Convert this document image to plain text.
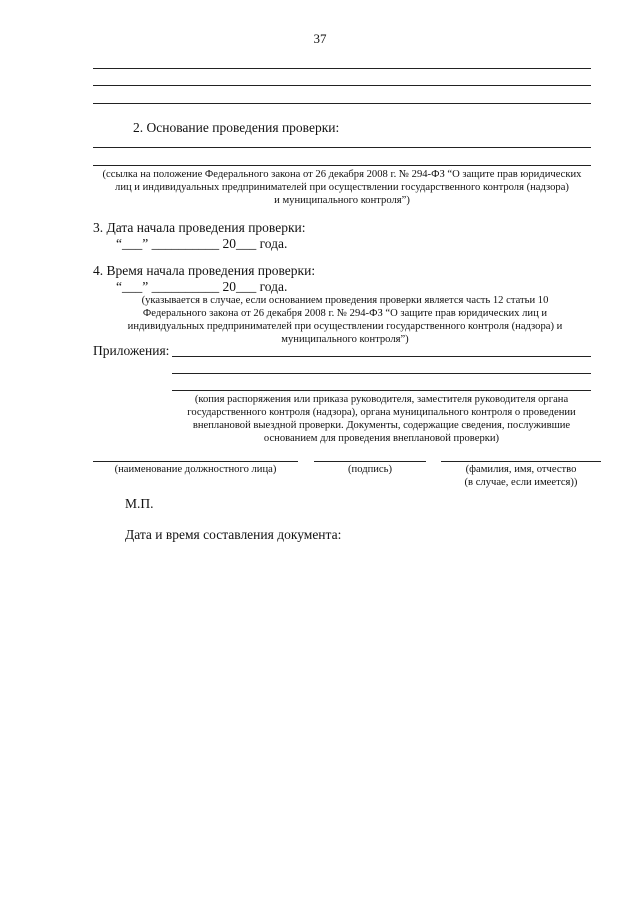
37
2. Основание проведения проверки:
(ссылка на положение Федерального закона от 26 декабря 2008 г. № 294-ФЗ “О защите прав юридических
лиц и индивидуальных предпринимателей при осуществлении государственного контроля (надзора)
и муниципального контроля”)
3. Дата начала проведения проверки:
“___” __________ 20___ года.
4. Время начала проведения проверки:
“___” __________ 20___ года.
(указывается в случае, если основанием проведения проверки является часть 12 статьи 10
Федерального закона от 26 декабря 2008 г. № 294-ФЗ “О защите прав юридических лиц и
индивидуальных предпринимателей при осуществлении государственного контроля (надзора) и
муниципального контроля”)
Приложения:
(копия распоряжения или приказа руководителя, заместителя руководителя органа
государственного контроля (надзора), органа муниципального контроля о проведении
внеплановой выездной проверки. Документы, содержащие сведения, послужившие
основанием для проведения внеплановой проверки)
(наименование должностного лица)	(подпись)	(фамилия, имя, отчество
(в случае, если имеется))
М.П.
Дата и время составления документа:
